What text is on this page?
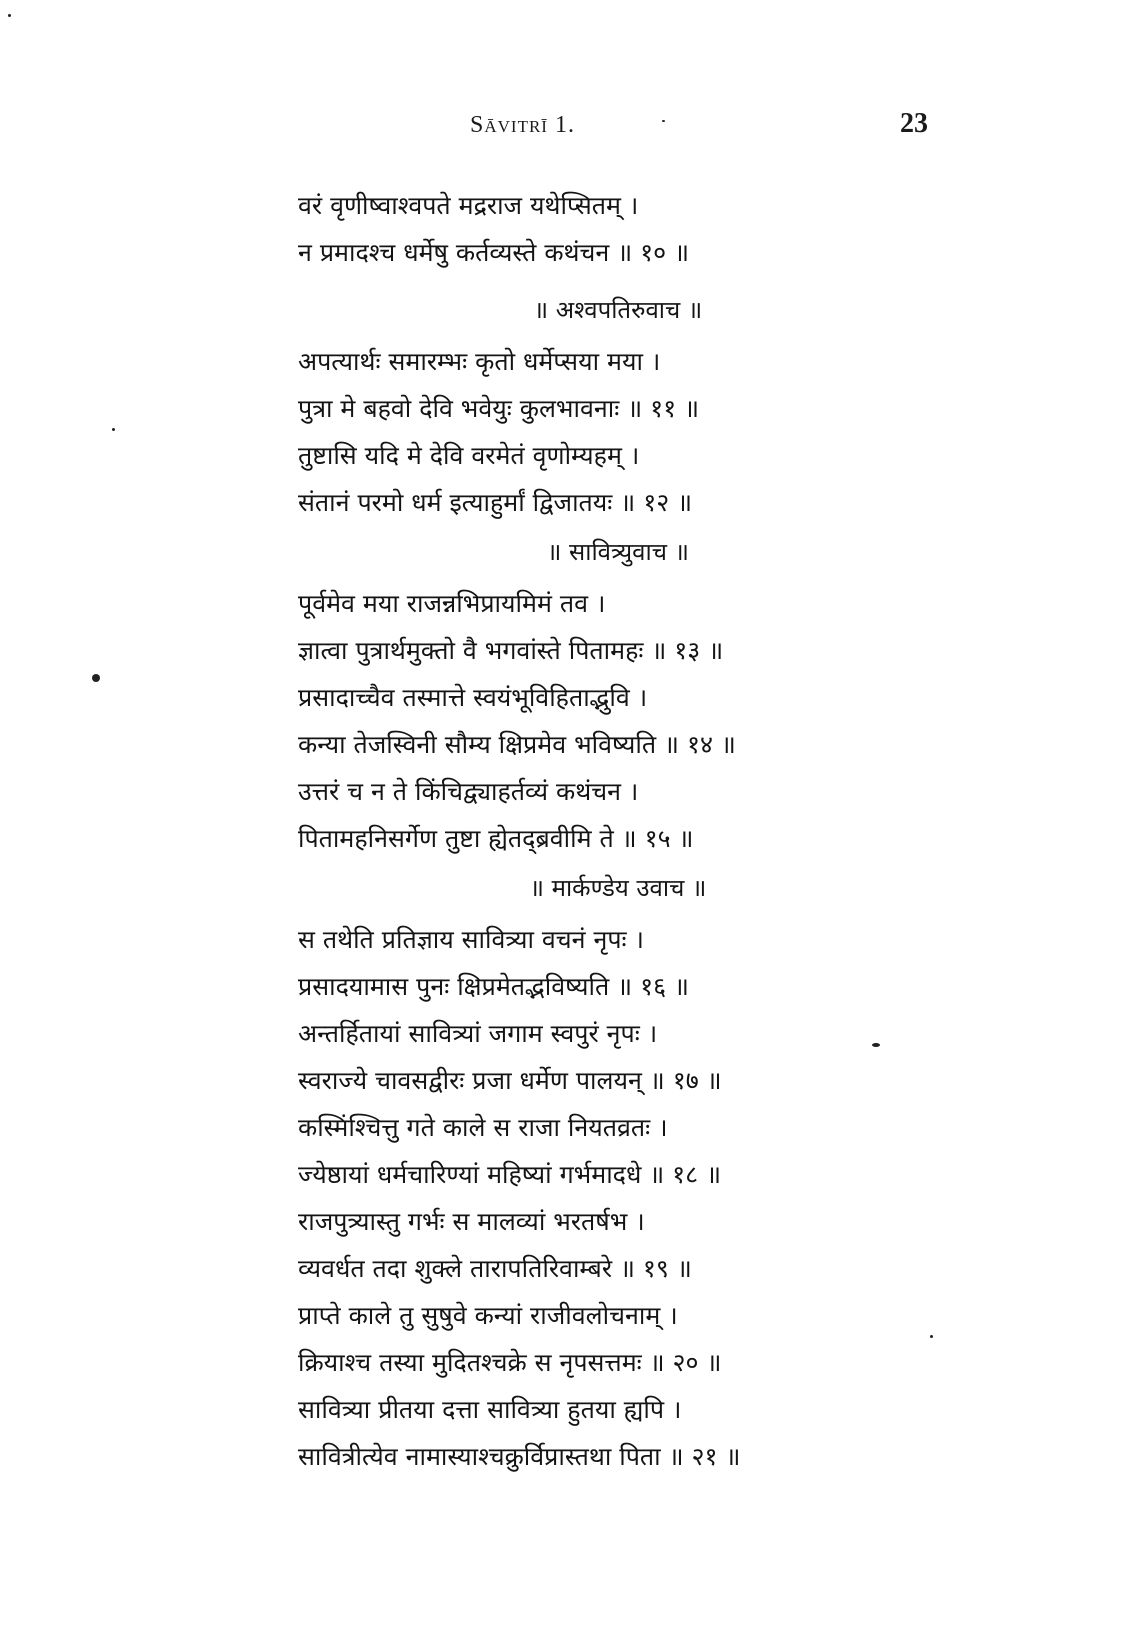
Sāvitrī 1.	23
वरं वृणीष्वाश्वपते मद्रराज यथेप्सितम् ।
न प्रमादश्च धर्मेषु कर्तव्यस्ते कथंचन ॥ १० ॥
॥ अश्वपतिरुवाच ॥
अपत्यार्थः समारम्भः कृतो धर्मेप्सया मया ।
पुत्रा मे बहवो देवि भवेयुः कुलभावनाः ॥ ११ ॥
तुष्टासि यदि मे देवि वरमेतं वृणोम्यहम् ।
संतानं परमो धर्म इत्याहुर्मां द्विजातयः ॥ १२ ॥
॥ सावित्र्युवाच ॥
पूर्वमेव मया राजन्नभिप्रायमिमं तव ।
ज्ञात्वा पुत्रार्थमुक्तो वै भगवांस्ते पितामहः ॥ १३ ॥
प्रसादाच्चैव तस्मात्ते स्वयंभूविहिताद्भुवि ।
कन्या तेजस्विनी सौम्य क्षिप्रमेव भविष्यति ॥ १४ ॥
उत्तरं च न ते किंचिद्व्याहर्तव्यं कथंचन ।
पितामहनिसर्गेण तुष्टा ह्येतद्ब्रवीमि ते ॥ १५ ॥
॥ मार्कण्डेय उवाच ॥
स तथेति प्रतिज्ञाय सावित्र्या वचनं नृपः ।
प्रसादयामास पुनः क्षिप्रमेतद्भविष्यति ॥ १६ ॥
अन्तर्हितायां सावित्र्यां जगाम स्वपुरं नृपः ।
स्वराज्ये चावसद्वीरः प्रजा धर्मेण पालयन् ॥ १७ ॥
कस्मिंश्चित्तु गते काले स राजा नियतव्रतः ।
ज्येष्ठायां धर्मचारिण्यां महिष्यां गर्भमादधे ॥ १८ ॥
राजपुत्र्यास्तु गर्भः स मालव्यां भरतर्षभ ।
व्यवर्धत तदा शुक्ले तारापतिरिवाम्बरे ॥ १९ ॥
प्राप्ते काले तु सुषुवे कन्यां राजीवलोचनाम् ।
क्रियाश्च तस्या मुदितश्चक्रे स नृपसत्तमः ॥ २० ॥
सावित्र्या प्रीतया दत्ता सावित्र्या हुतया ह्यपि ।
सावित्रीत्येव नामास्याश्चक्रुर्विप्रास्तथा पिता ॥ २१ ॥
